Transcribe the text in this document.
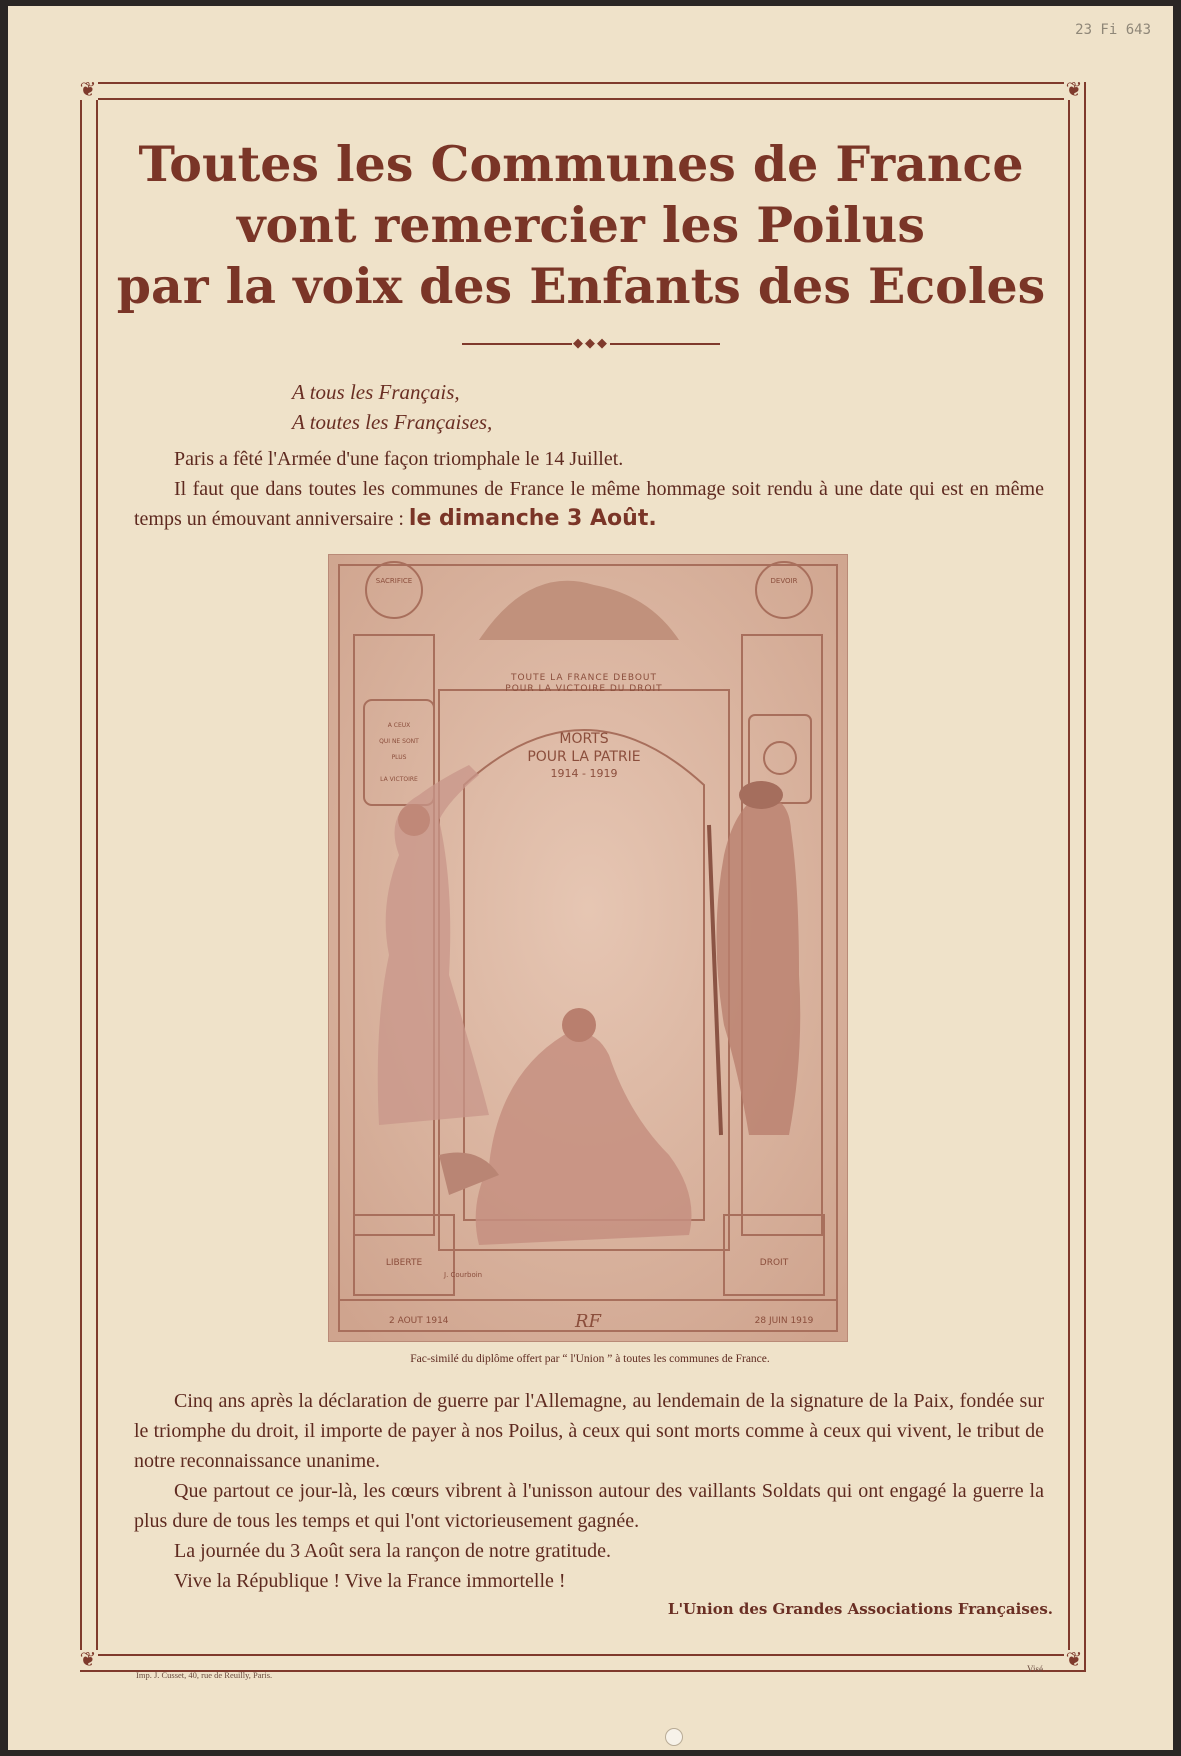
23 Fi 643
❦	❦
❦	❦
Toutes les Communes de France
vont remercier les Poilus
par la voix des Enfants des Ecoles
◆◆◆
A tous les Français,
A toutes les Françaises,
Paris a fêté l'Armée d'une façon triomphale le 14 Juillet.
Il faut que dans toutes les communes de France le même hommage soit rendu à une date qui est en même temps un émouvant anniversaire : le dimanche 3 Août.
SACRIFICE	DEVOIR
TOUTE LA FRANCE DEBOUT
POUR LA VICTOIRE DU DROIT
MORTS
POUR LA PATRIE
1914 - 1919
A CEUX
QUI NE SONT
PLUS
LA VICTOIRE
LIBERTE	DROIT
J. Courboin
2 AOUT 1914	28 JUIN 1919
RF
Fac-similé du diplôme offert par “ l'Union ” à toutes les communes de France.
Cinq ans après la déclaration de guerre par l'Allemagne, au lendemain de la signature de la Paix, fondée sur le triomphe du droit, il importe de payer à nos Poilus, à ceux qui sont morts comme à ceux qui vivent, le tribut de notre reconnaissance unanime.
Que partout ce jour-là, les cœurs vibrent à l'unisson autour des vaillants Soldats qui ont engagé la guerre la plus dure de tous les temps et qui l'ont victorieusement gagnée.
La journée du 3 Août sera la rançon de notre gratitude.
Vive la République ! Vive la France immortelle !
L'Union des Grandes Associations Françaises.
Imp. J. Cusset, 40, rue de Reuilly, Paris.
Visé
